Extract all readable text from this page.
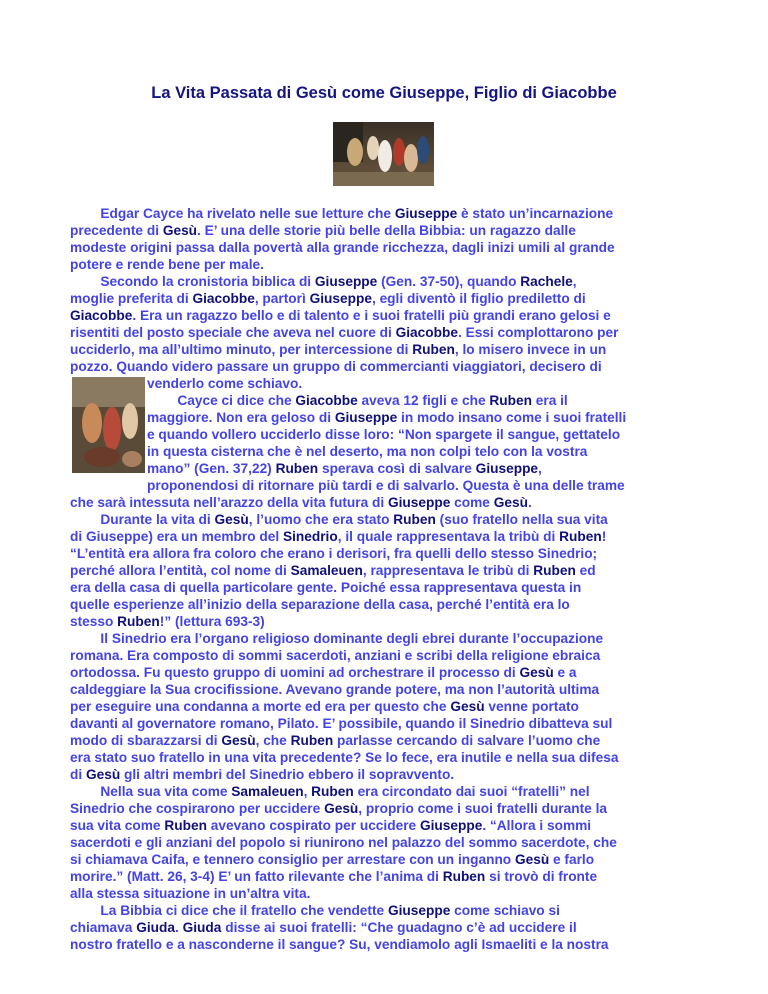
La Vita Passata di Gesù come Giuseppe, Figlio di Giacobbe
Edgar Cayce ha rivelato nelle sue letture che Giuseppe è stato un’incarnazione
precedente di Gesù. E’ una delle storie più belle della Bibbia: un ragazzo dalle
modeste origini passa dalla povertà alla grande ricchezza, dagli inizi umili al grande
potere e rende bene per male.
Secondo la cronistoria biblica di Giuseppe (Gen. 37-50), quando Rachele,
moglie preferita di Giacobbe, partorì Giuseppe, egli diventò il figlio prediletto di
Giacobbe. Era un ragazzo bello e di talento e i suoi fratelli più grandi erano gelosi e
risentiti del posto speciale che aveva nel cuore di Giacobbe. Essi complottarono per
ucciderlo, ma all’ultimo minuto, per intercessione di Ruben, lo misero invece in un
pozzo. Quando videro passare un gruppo di commercianti viaggiatori, decisero di
venderlo come schiavo.
Cayce ci dice che Giacobbe aveva 12 figli e che Ruben era il
maggiore. Non era geloso di Giuseppe in modo insano come i suoi fratelli
e quando vollero ucciderlo disse loro: “Non spargete il sangue, gettatelo
in questa cisterna che è nel deserto, ma non colpi telo con la vostra
mano” (Gen. 37,22) Ruben sperava così di salvare Giuseppe,
proponendosi di ritornare più tardi e di salvarlo. Questa è una delle trame
che sarà intessuta nell’arazzo della vita futura di Giuseppe come Gesù.
Durante la vita di Gesù, l’uomo che era stato Ruben (suo fratello nella sua vita
di Giuseppe) era un membro del Sinedrio, il quale rappresentava la tribù di Ruben!
“L’entità era allora fra coloro che erano i derisori, fra quelli dello stesso Sinedrio;
perché allora l’entità, col nome di Samaleuen, rappresentava le tribù di Ruben ed
era della casa di quella particolare gente. Poiché essa rappresentava questa in
quelle esperienze all’inizio della separazione della casa, perché l’entità era lo
stesso Ruben!” (lettura 693-3)
Il Sinedrio era l’organo religioso dominante degli ebrei durante l’occupazione
romana. Era composto di sommi sacerdoti, anziani e scribi della religione ebraica
ortodossa. Fu questo gruppo di uomini ad orchestrare il processo di Gesù e a
caldeggiare la Sua crocifissione. Avevano grande potere, ma non l’autorità ultima
per eseguire una condanna a morte ed era per questo che Gesù venne portato
davanti al governatore romano, Pilato. E’ possibile, quando il Sinedrio dibatteva sul
modo di sbarazzarsi di Gesù, che Ruben parlasse cercando di salvare l’uomo che
era stato suo fratello in una vita precedente? Se lo fece, era inutile e nella sua difesa
di Gesù gli altri membri del Sinedrio ebbero il sopravvento.
Nella sua vita come Samaleuen, Ruben era circondato dai suoi “fratelli” nel
Sinedrio che cospirarono per uccidere Gesù, proprio come i suoi fratelli durante la
sua vita come Ruben avevano cospirato per uccidere Giuseppe. “Allora i sommi
sacerdoti e gli anziani del popolo si riunirono nel palazzo del sommo sacerdote, che
si chiamava Caifa, e tennero consiglio per arrestare con un inganno Gesù e farlo
morire.” (Matt. 26, 3-4) E’ un fatto rilevante che l’anima di Ruben si trovò di fronte
alla stessa situazione in un’altra vita.
La Bibbia ci dice che il fratello che vendette Giuseppe come schiavo si
chiamava Giuda. Giuda disse ai suoi fratelli: “Che guadagno c’è ad uccidere il
nostro fratello e a nasconderne il sangue? Su, vendiamolo agli Ismaeliti e la nostra
